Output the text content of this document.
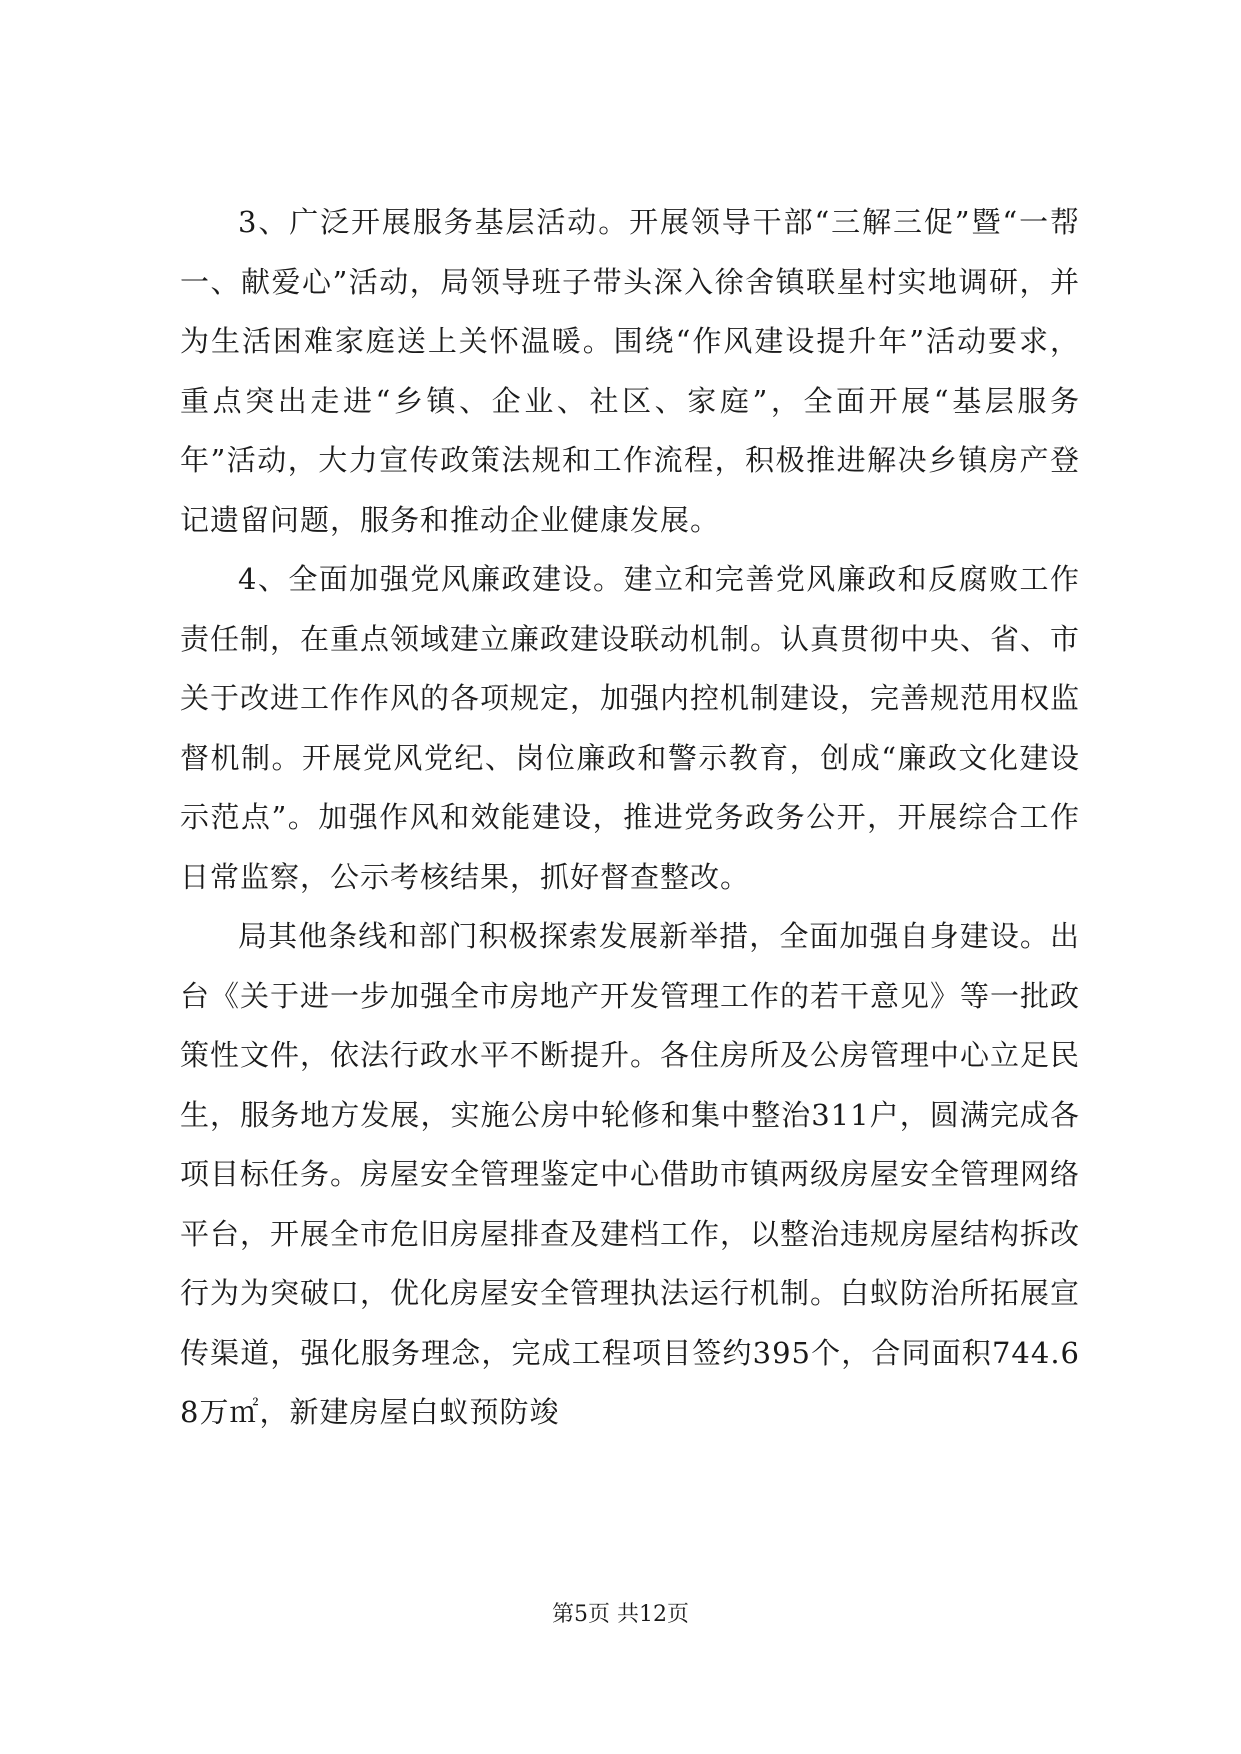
3、广泛开展服务基层活动。开展领导干部“三解三促”暨“一帮一、献爱心”活动，局领导班子带头深入徐舍镇联星村实地调研，并为生活困难家庭送上关怀温暖。围绕“作风建设提升年”活动要求，重点突出走进“乡镇、企业、社区、家庭”，全面开展“基层服务年”活动，大力宣传政策法规和工作流程，积极推进解决乡镇房产登记遗留问题，服务和推动企业健康发展。

4、全面加强党风廉政建设。建立和完善党风廉政和反腐败工作责任制，在重点领域建立廉政建设联动机制。认真贯彻中央、省、市关于改进工作作风的各项规定，加强内控机制建设，完善规范用权监督机制。开展党风党纪、岗位廉政和警示教育，创成“廉政文化建设示范点”。加强作风和效能建设，推进党务政务公开，开展综合工作日常监察，公示考核结果，抓好督查整改。

局其他条线和部门积极探索发展新举措，全面加强自身建设。出台《关于进一步加强全市房地产开发管理工作的若干意见》等一批政策性文件，依法行政水平不断提升。各住房所及公房管理中心立足民生，服务地方发展，实施公房中轮修和集中整治311户，圆满完成各项目标任务。房屋安全管理鉴定中心借助市镇两级房屋安全管理网络平台，开展全市危旧房屋排查及建档工作，以整治违规房屋结构拆改行为为突破口，优化房屋安全管理执法运行机制。白蚁防治所拓展宣传渠道，强化服务理念，完成工程项目签约395个，合同面积744.68万㎡，新建房屋白蚁预防竣

第5页 共12页
